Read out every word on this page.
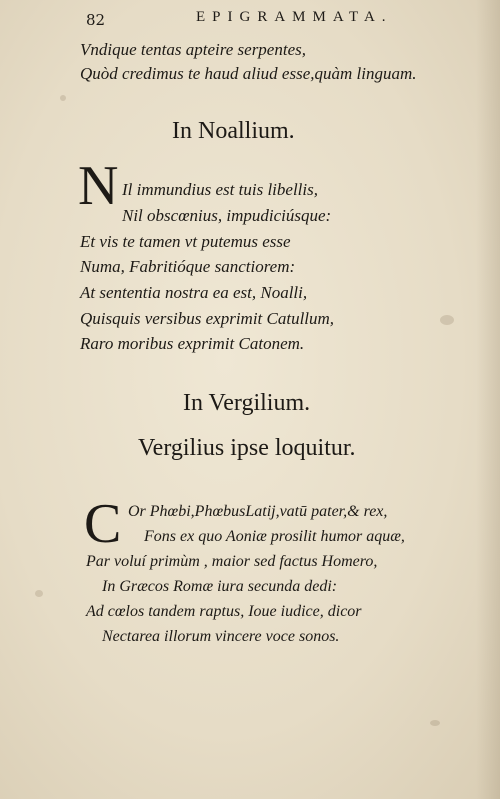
82	EPIGRAMMATA.
Vndique tentas apteire serpentes,
Quòd credimus te haud aliud esse,quàm linguam.
In Noallium.
N Il immundius est tuis libellis,
Nil obscœnius, impudiciúsque:
Et vis te tamen vt putemus esse
Numa, Fabritióque sanctiorem:
At sententia nostra ea est, Noalli,
Quisquis versibus exprimit Catullum,
Raro moribus exprimit Catonem.
In Vergilium.
Vergilius ipse loquitur.
C Or Phœbi,PhœbusLatij,vatū pater,& rex,
Fons ex quo Aoniæ prosilit humor aquæ,
Par voluí primùm , maior sed factus Homero,
In Græcos Romæ iura secunda dedi:
Ad cœlos tandem raptus, Ioue iudice, dicor
Nectarea illorum vincere voce sonos.
